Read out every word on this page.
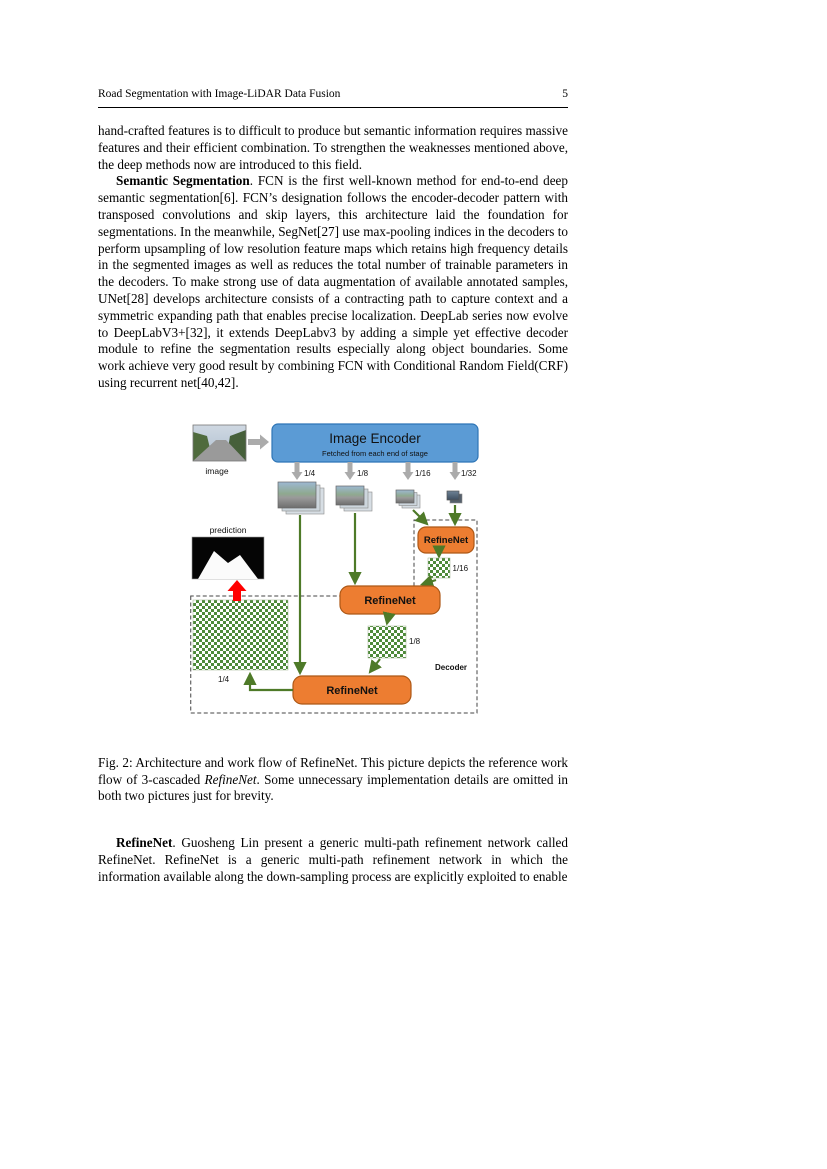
Road Segmentation with Image-LiDAR Data Fusion	5

hand-crafted features is to difficult to produce but semantic information requires massive features and their efficient combination. To strengthen the weaknesses mentioned above, the deep methods now are introduced to this field.

Semantic Segmentation. FCN is the first well-known method for end-to-end deep semantic segmentation[6]. FCN’s designation follows the encoder-decoder pattern with transposed convolutions and skip layers, this architecture laid the foundation for segmentations. In the meanwhile, SegNet[27] use max-pooling indices in the decoders to perform upsampling of low resolution feature maps which retains high frequency details in the segmented images as well as reduces the total number of trainable parameters in the decoders. To make strong use of data augmentation of available annotated samples, UNet[28] develops architecture consists of a contracting path to capture context and a symmetric expanding path that enables precise localization. DeepLab series now evolve to DeepLabV3+[32], it extends DeepLabv3 by adding a simple yet effective decoder module to refine the segmentation results especially along object boundaries. Some work achieve very good result by combining FCN with Conditional Random Field(CRF) using recurrent net[40,42].

image
Image Encoder
Fetched from each end of stage
1/4	1/8	1/16	1/32
RefineNet
1/16
RefineNet
1/8
RefineNet
1/4
prediction
Decoder

Fig. 2: Architecture and work flow of RefineNet. This picture depicts the reference work flow of 3-cascaded RefineNet. Some unnecessary implementation details are omitted in both two pictures just for brevity.

RefineNet. Guosheng Lin present a generic multi-path refinement network called RefineNet. RefineNet is a generic multi-path refinement network in which the information available along the down-sampling process are explicitly exploited to enable
